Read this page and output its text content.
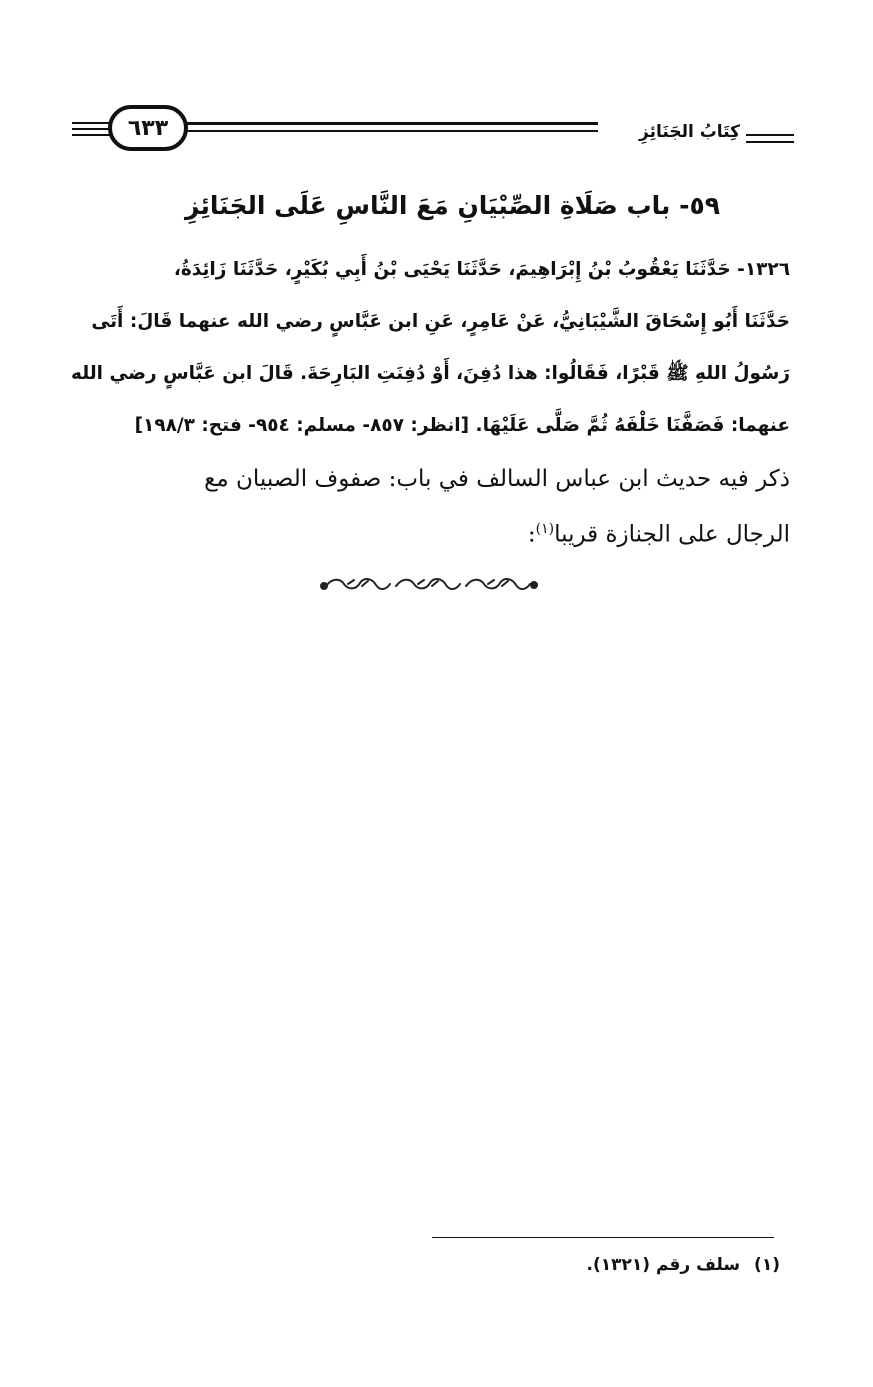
٦٣٣	كِتَابُ الجَنَائِزِ
٥٩- باب صَلَاةِ الصِّبْيَانِ مَعَ النَّاسِ عَلَى الجَنَائِزِ
١٣٢٦- حَدَّثَنَا يَعْقُوبُ بْنُ إِبْرَاهِيمَ، حَدَّثَنَا يَحْيَى بْنُ أَبِي بُكَيْرٍ، حَدَّثَنَا زَائِدَةُ،
حَدَّثَنَا أَبُو إِسْحَاقَ الشَّيْبَانِيُّ، عَنْ عَامِرٍ، عَنِ ابن عَبَّاسٍ رضي الله عنهما قَالَ: أَتَى
رَسُولُ اللهِ ﷺ قَبْرًا، فَقَالُوا: هذا دُفِنَ، أَوْ دُفِنَتِ البَارِحَةَ. قَالَ ابن عَبَّاسٍ رضي الله
عنهما: فَصَفَّنَا خَلْفَهُ ثُمَّ صَلَّى عَلَيْهَا. [انظر: ٨٥٧- مسلم: ٩٥٤- فتح: ١٩٨/٣]
ذكر فيه حديث ابن عباس السالف في باب: صفوف الصبيان مع
الرجال على الجنازة قريبا$^{(١)}$:
(١)سلف رقم (١٣٢١).
